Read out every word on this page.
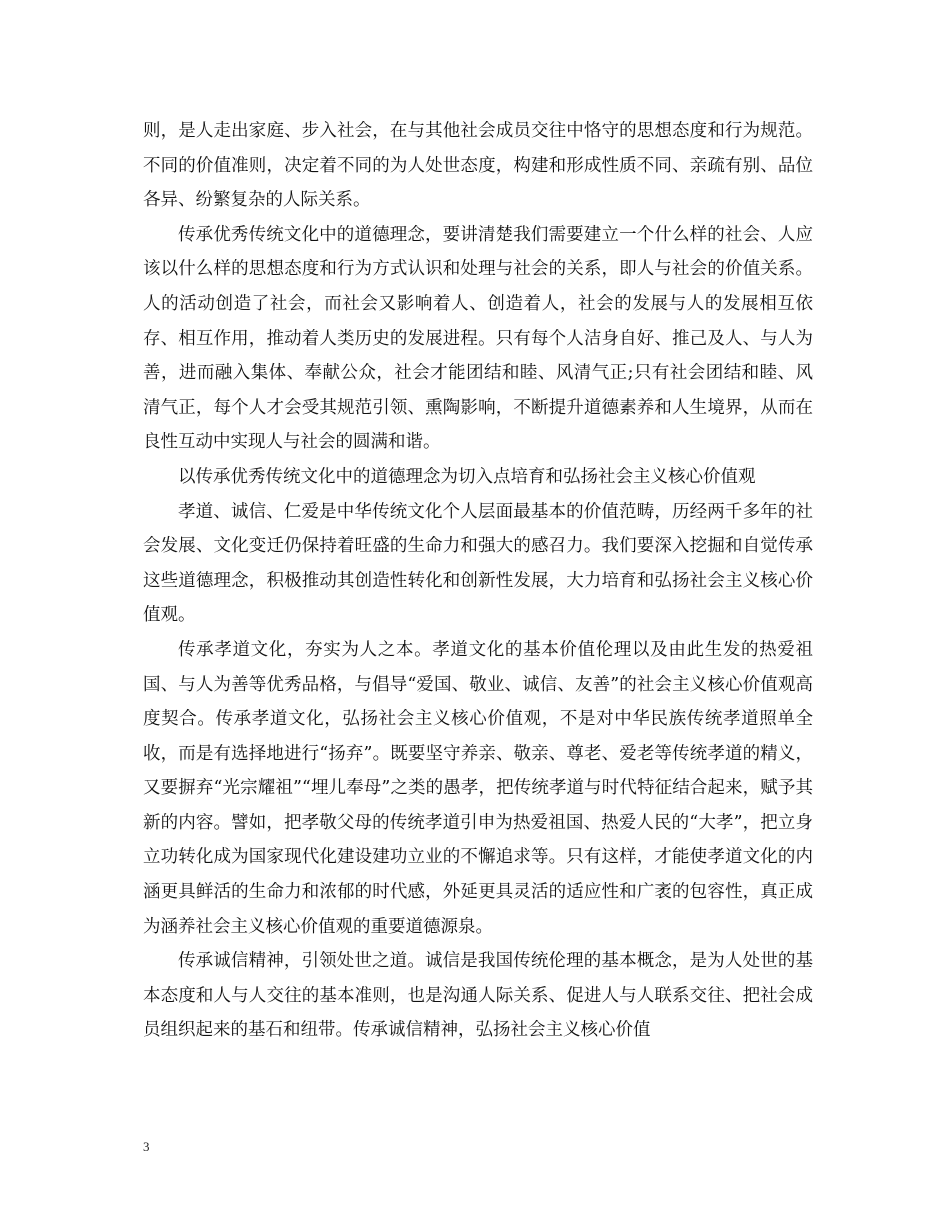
则，是人走出家庭、步入社会，在与其他社会成员交往中恪守的思想态度和行为规范。不同的价值准则，决定着不同的为人处世态度，构建和形成性质不同、亲疏有别、品位各异、纷繁复杂的人际关系。

传承优秀传统文化中的道德理念，要讲清楚我们需要建立一个什么样的社会、人应该以什么样的思想态度和行为方式认识和处理与社会的关系，即人与社会的价值关系。人的活动创造了社会，而社会又影响着人、创造着人，社会的发展与人的发展相互依存、相互作用，推动着人类历史的发展进程。只有每个人洁身自好、推己及人、与人为善，进而融入集体、奉献公众，社会才能团结和睦、风清气正;只有社会团结和睦、风清气正，每个人才会受其规范引领、熏陶影响，不断提升道德素养和人生境界，从而在良性互动中实现人与社会的圆满和谐。

以传承优秀传统文化中的道德理念为切入点培育和弘扬社会主义核心价值观

孝道、诚信、仁爱是中华传统文化个人层面最基本的价值范畴，历经两千多年的社会发展、文化变迁仍保持着旺盛的生命力和强大的感召力。我们要深入挖掘和自觉传承这些道德理念，积极推动其创造性转化和创新性发展，大力培育和弘扬社会主义核心价值观。

传承孝道文化，夯实为人之本。孝道文化的基本价值伦理以及由此生发的热爱祖国、与人为善等优秀品格，与倡导“爱国、敬业、诚信、友善”的社会主义核心价值观高度契合。传承孝道文化，弘扬社会主义核心价值观，不是对中华民族传统孝道照单全收，而是有选择地进行“扬弃”。既要坚守养亲、敬亲、尊老、爱老等传统孝道的精义，又要摒弃“光宗耀祖”“埋儿奉母”之类的愚孝，把传统孝道与时代特征结合起来，赋予其新的内容。譬如，把孝敬父母的传统孝道引申为热爱祖国、热爱人民的“大孝”，把立身立功转化成为国家现代化建设建功立业的不懈追求等。只有这样，才能使孝道文化的内涵更具鲜活的生命力和浓郁的时代感，外延更具灵活的适应性和广袤的包容性，真正成为涵养社会主义核心价值观的重要道德源泉。

传承诚信精神，引领处世之道。诚信是我国传统伦理的基本概念，是为人处世的基本态度和人与人交往的基本准则，也是沟通人际关系、促进人与人联系交往、把社会成员组织起来的基石和纽带。传承诚信精神，弘扬社会主义核心价值

3
